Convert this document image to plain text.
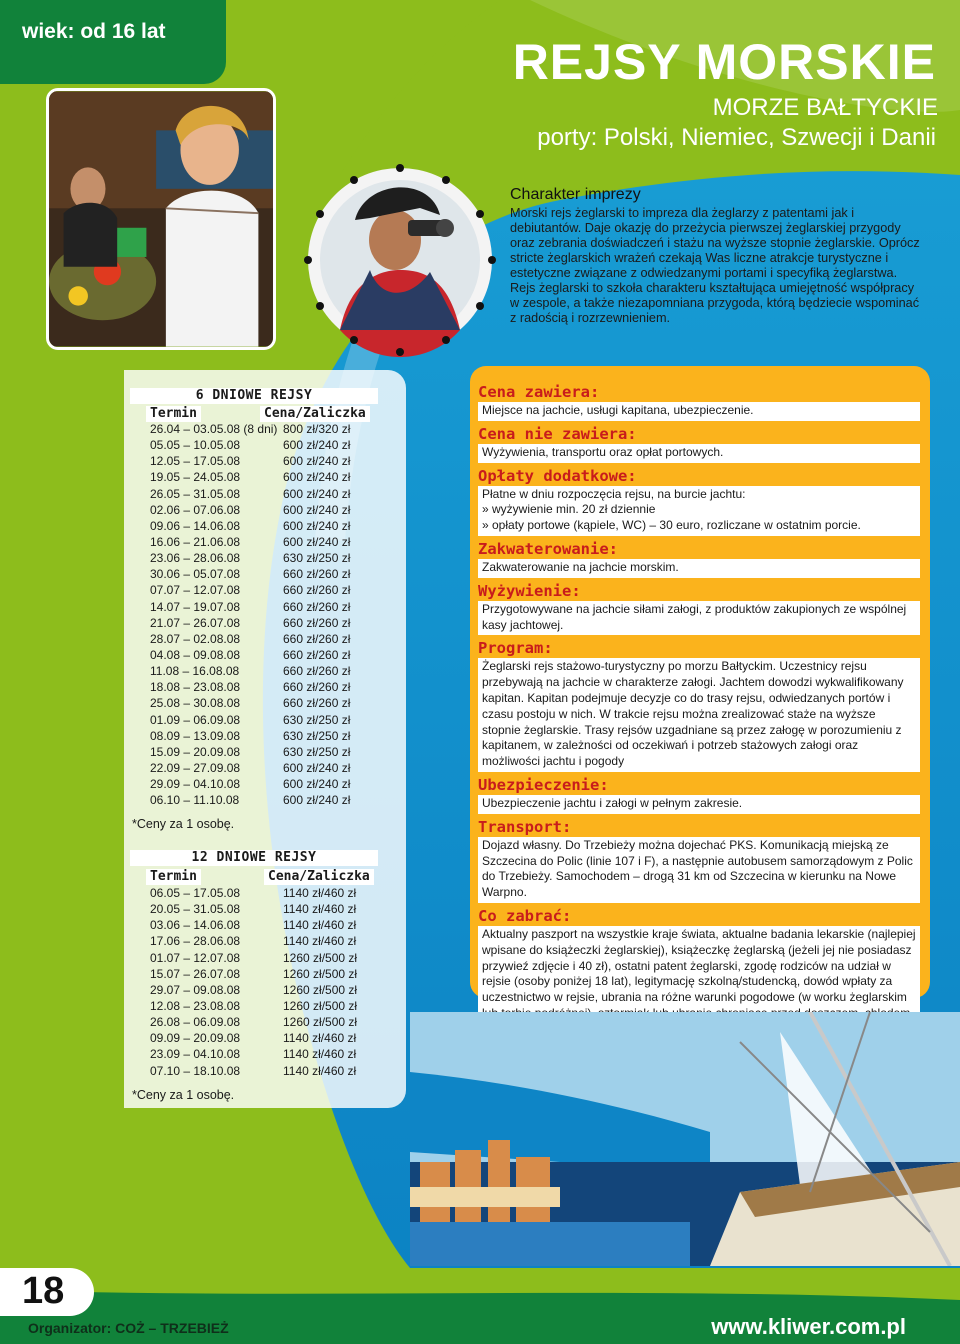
wiek: od 16 lat
REJSY MORSKIE
MORZE BAŁTYCKIE
porty: Polski, Niemiec, Szwecji i Danii
Charakter imprezy

Morski rejs żeglarski to impreza dla żeglarzy z patentami jak i debiutantów. Daje okazję do przeżycia pierwszej żeglarskiej przygody oraz zebrania doświadczeń i stażu na wyższe stopnie żeglarskie. Oprócz stricte żeglarskich wrażeń czekają Was liczne atrakcje turystyczne i estetyczne związane z odwiedzanymi portami i specyfiką żeglarstwa. Rejs żeglarski to szkoła charakteru kształtująca umiejętność współpracy w zespole, a także niezapomniana przygoda, którą będziecie wspominać z radością i rozrzewnieniem.

6 DNIOWE REJSY
Termin	Cena/Zaliczka
26.04 – 03.05.08 (8 dni) 800 zł/320 zł
05.05 – 10.05.08	600 zł/240 zł
12.05 – 17.05.08	600 zł/240 zł
19.05 – 24.05.08	600 zł/240 zł
26.05 – 31.05.08	600 zł/240 zł
02.06 – 07.06.08	600 zł/240 zł
09.06 – 14.06.08	600 zł/240 zł
16.06 – 21.06.08	600 zł/240 zł
23.06 – 28.06.08	630 zł/250 zł
30.06 – 05.07.08	660 zł/260 zł
07.07 – 12.07.08	660 zł/260 zł
14.07 – 19.07.08	660 zł/260 zł
21.07 – 26.07.08	660 zł/260 zł
28.07 – 02.08.08	660 zł/260 zł
04.08 – 09.08.08	660 zł/260 zł
11.08 – 16.08.08	660 zł/260 zł
18.08 – 23.08.08	660 zł/260 zł
25.08 – 30.08.08	660 zł/260 zł
01.09 – 06.09.08	630 zł/250 zł
08.09 – 13.09.08	630 zł/250 zł
15.09 – 20.09.08	630 zł/250 zł
22.09 – 27.09.08	600 zł/240 zł
29.09 – 04.10.08	600 zł/240 zł
06.10 – 11.10.08	600 zł/240 zł
*Ceny za 1 osobę.
12 DNIOWE REJSY
Termin	Cena/Zaliczka
06.05 – 17.05.08	1140 zł/460 zł
20.05 – 31.05.08	1140 zł/460 zł
03.06 – 14.06.08	1140 zł/460 zł
17.06 – 28.06.08	1140 zł/460 zł
01.07 – 12.07.08	1260 zł/500 zł
15.07 – 26.07.08	1260 zł/500 zł
29.07 – 09.08.08	1260 zł/500 zł
12.08 – 23.08.08	1260 zł/500 zł
26.08 – 06.09.08	1260 zł/500 zł
09.09 – 20.09.08	1140 zł/460 zł
23.09 – 04.10.08	1140 zł/460 zł
07.10 – 18.10.08	1140 zł/460 zł
*Ceny za 1 osobę.
Cena zawiera:
Miejsce na jachcie, usługi kapitana, ubezpieczenie.
Cena nie zawiera:
Wyżywienia, transportu oraz opłat portowych.
Opłaty dodatkowe:
Płatne w dniu rozpoczęcia rejsu, na burcie jachtu:
» wyżywienie min. 20 zł dziennie
» opłaty portowe (kąpiele, WC) – 30 euro, rozliczane w ostatnim porcie.
Zakwaterowanie:
Zakwaterowanie na jachcie morskim.
Wyżywienie:
Przygotowywane na jachcie siłami załogi, z produktów zakupionych ze wspólnej kasy jachtowej.
Program:
Żeglarski rejs stażowo-turystyczny po morzu Bałtyckim. Uczestnicy rejsu przebywają na jachcie w charakterze załogi. Jachtem dowodzi wykwalifikowany kapitan. Kapitan podejmuje decyzje co do trasy rejsu, odwiedzanych portów i czasu postoju w nich. W trakcie rejsu można zrealizować staże na wyższe stopnie żeglarskie. Trasy rejsów uzgadniane są przez załogę w porozumieniu z kapitanem, w zależności od oczekiwań i potrzeb stażowych załogi oraz możliwości jachtu i pogody
Ubezpieczenie:
Ubezpieczenie jachtu i załogi w pełnym zakresie.
Transport:
Dojazd własny. Do Trzebieży można dojechać PKS. Komunikacją miejską ze Szczecina do Polic (linie 107 i F), a następnie autobusem samorządowym z Polic do Trzebieży. Samochodem – drogą 31 km od Szczecina w kierunku na Nowe Warpno.
Co zabrać:
Aktualny paszport na wszystkie kraje świata, aktualne badania lekarskie (najlepiej wpisane do książeczki żeglarskiej), książeczkę żeglarską (jeżeli jej nie posiadasz przywieź zdjęcie i 40 zł), ostatni patent żeglarski, zgodę rodziców na udział w rejsie (osoby poniżej 18 lat), legitymację szkolną/studencką, dowód wpłaty za uczestnictwo w rejsie, ubrania na różne warunki pogodowe (w worku żeglarskim
18
Organizator: COŻ – TRZEBIEŻ	www.kliwer.com.pl
